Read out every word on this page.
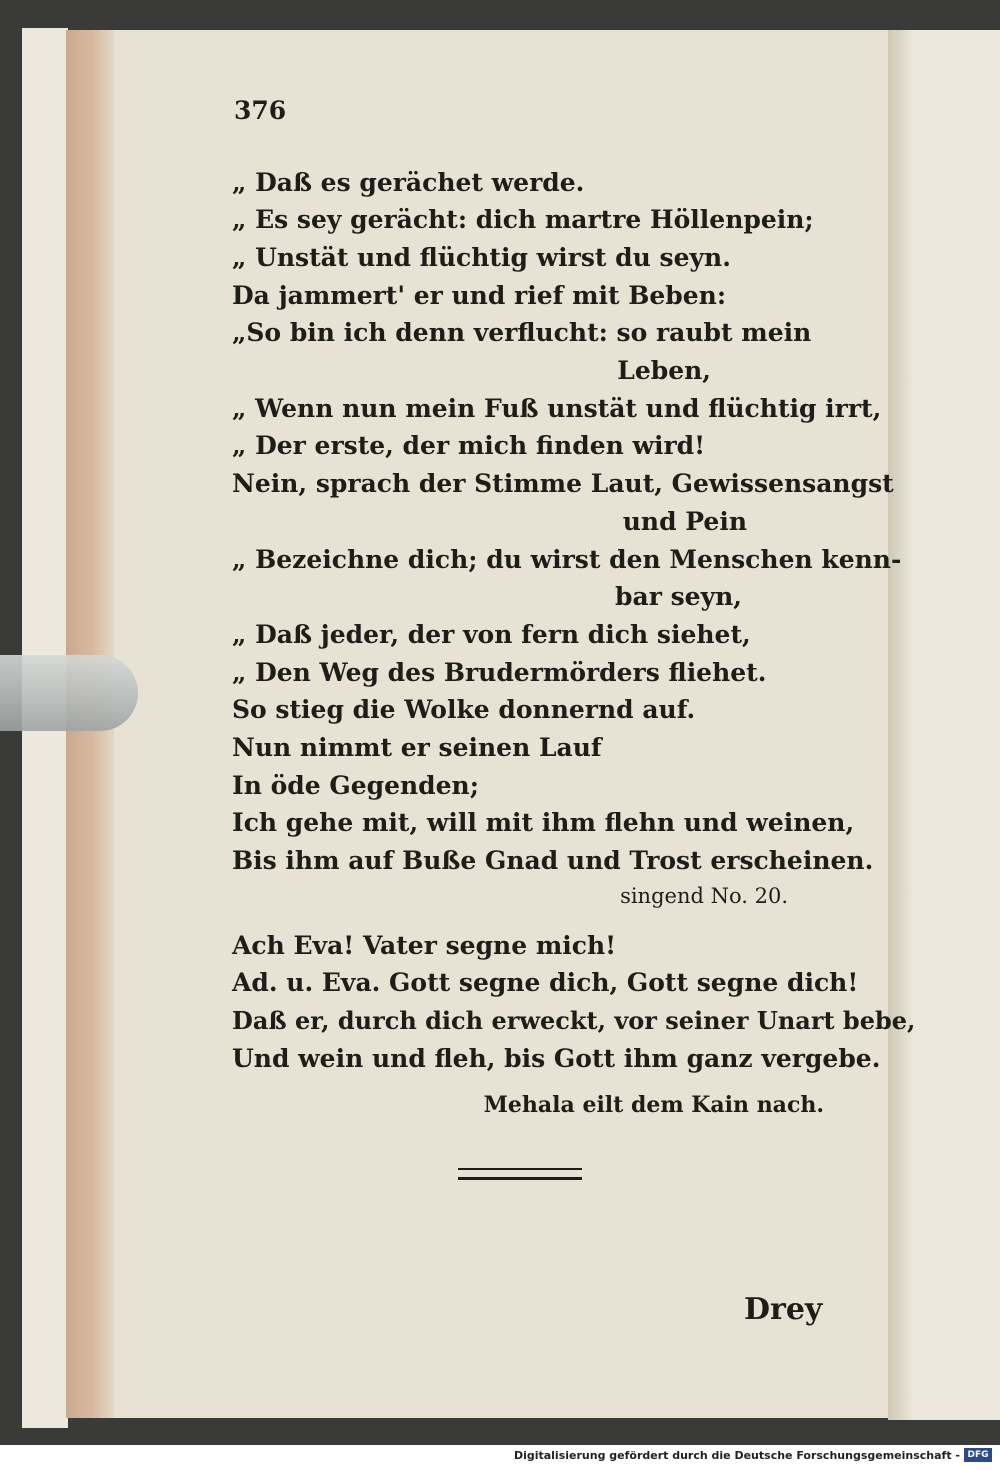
376
„ Daß es gerächet werde.
„ Es sey gerächt: dich martre Höllenpein;
„ Unstät und flüchtig wirst du seyn.
Da jammert' er und rief mit Beben:
„So bin ich denn verflucht: so raubt mein
Leben,
„ Wenn nun mein Fuß unstät und flüchtig irrt,
„ Der erste, der mich finden wird!
Nein, sprach der Stimme Laut, Gewissensangst
und Pein
„ Bezeichne dich; du wirst den Menschen kenn-
bar seyn,
„ Daß jeder, der von fern dich siehet,
„ Den Weg des Brudermörders fliehet.
So stieg die Wolke donnernd auf.
Nun nimmt er seinen Lauf
In öde Gegenden;
Ich gehe mit, will mit ihm flehn und weinen,
Bis ihm auf Buße Gnad und Trost erscheinen.
singend No. 20.
Ach Eva! Vater segne mich!
Ad. u. Eva. Gott segne dich, Gott segne dich!
Daß er, durch dich erweckt, vor seiner Unart bebe,
Und wein und fleh, bis Gott ihm ganz vergebe.
Mehala eilt dem Kain nach.
Drey
Digitalisierung gefördert durch die Deutsche Forschungsgemeinschaft - DFG
